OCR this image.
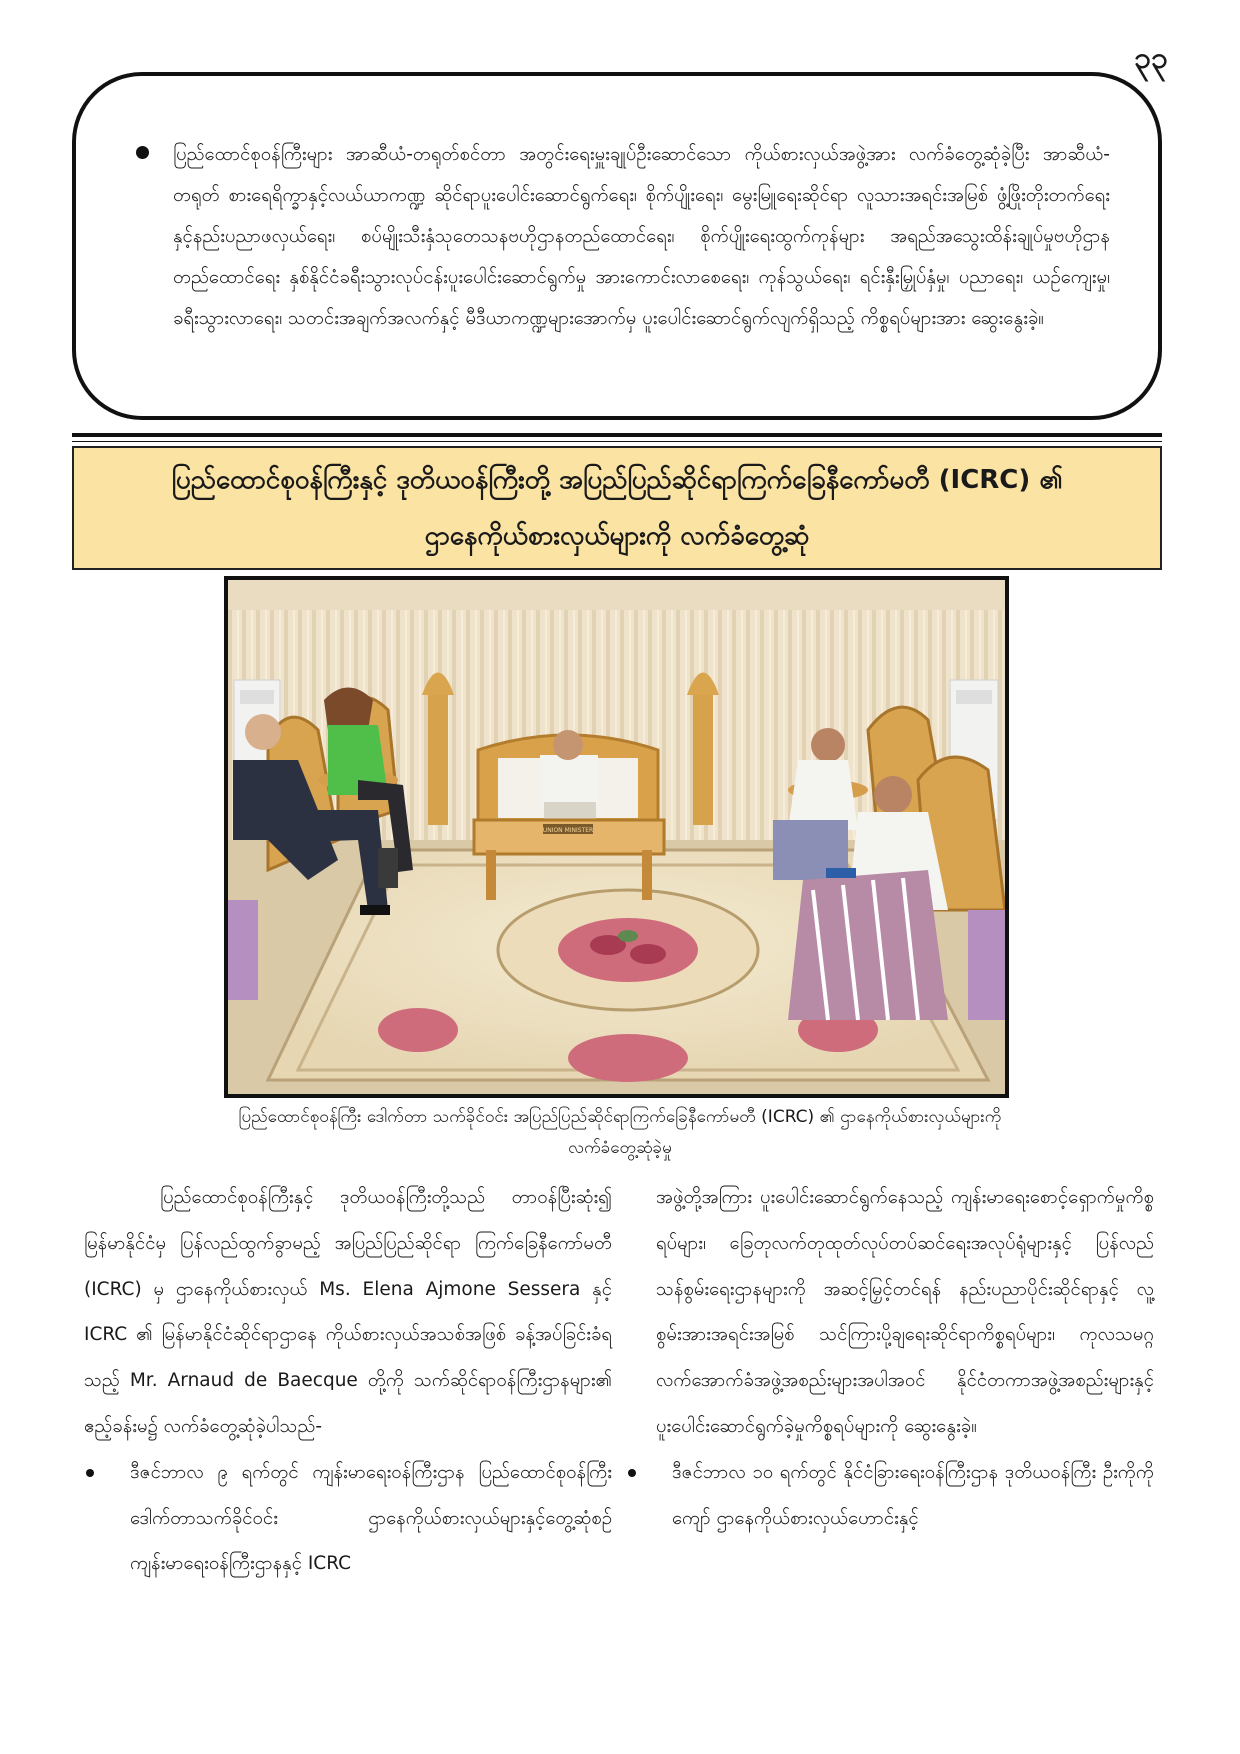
၃၃
ပြည်ထောင်စုဝန်ကြီးများ အာဆီယံ-တရုတ်စင်တာ အတွင်းရေးမှူးချုပ်ဦးဆောင်သော ကိုယ်စားလှယ်အဖွဲ့အား လက်ခံတွေ့ဆုံခဲ့ပြီး အာဆီယံ-တရုတ် စားရေရိက္ခာနှင့်လယ်ယာကဏ္ဍ ဆိုင်ရာပူးပေါင်းဆောင်ရွက်ရေး၊ စိုက်ပျိုးရေး၊ မွေးမြူရေးဆိုင်ရာ လူသားအရင်းအမြစ် ဖွံ့ဖြိုးတိုးတက်ရေးနှင့်နည်းပညာဖလှယ်ရေး၊ စပ်မျိုးသီးနှံသုတေသနဗဟိုဌာနတည်ထောင်ရေး၊ စိုက်ပျိုးရေးထွက်ကုန်များ အရည်အသွေးထိန်းချုပ်မှုဗဟိုဌာနတည်ထောင်ရေး နှစ်နိုင်ငံခရီးသွားလုပ်ငန်းပူးပေါင်းဆောင်ရွက်မှု အားကောင်းလာစေရေး၊ ကုန်သွယ်ရေး၊ ရင်းနှီးမြှုပ်နှံမှု၊ ပညာရေး၊ ယဉ်ကျေးမှု၊ ခရီးသွားလာရေး၊ သတင်းအချက်အလက်နှင့် မီဒီယာကဏ္ဍများအောက်မှ ပူးပေါင်းဆောင်ရွက်လျက်ရှိသည့် ကိစ္စရပ်များအား ဆွေးနွေးခဲ့။
ပြည်ထောင်စုဝန်ကြီးနှင့် ဒုတိယဝန်ကြီးတို့ အပြည်ပြည်ဆိုင်ရာကြက်ခြေနီကော်မတီ (ICRC) ၏
ဌာနေကိုယ်စားလှယ်များကို လက်ခံတွေ့ဆုံ
UNION MINISTER
ပြည်ထောင်စုဝန်ကြီး ဒေါက်တာ သက်ခိုင်ဝင်း အပြည်ပြည်ဆိုင်ရာကြက်ခြေနီကော်မတီ (ICRC) ၏ ဌာနေကိုယ်စားလှယ်များကို
လက်ခံတွေ့ဆုံခဲ့မှု
ပြည်ထောင်စုဝန်ကြီးနှင့် ဒုတိယဝန်ကြီးတို့သည် တာဝန်ပြီးဆုံး၍ မြန်မာနိုင်ငံမှ ပြန်လည်ထွက်ခွာမည့် အပြည်ပြည်ဆိုင်ရာ ကြက်ခြေနီကော်မတီ (ICRC) မှ ဌာနေကိုယ်စားလှယ် Ms. Elena Ajmone Sessera နှင့် ICRC ၏ မြန်မာနိုင်ငံဆိုင်ရာဌာနေ ကိုယ်စားလှယ်အသစ်အဖြစ် ခန့်အပ်ခြင်းခံရသည့် Mr. Arnaud de Baecque တို့ကို သက်ဆိုင်ရာဝန်ကြီးဌာနများ၏ ဧည့်ခန်းမ၌ လက်ခံတွေ့ဆုံခဲ့ပါသည်-
ဒီဇင်ဘာလ ၉ ရက်တွင် ကျန်းမာရေးဝန်ကြီးဌာန ပြည်ထောင်စုဝန်ကြီး ဒေါက်တာသက်ခိုင်ဝင်း ဌာနေကိုယ်စားလှယ်များနှင့်တွေ့ဆုံစဉ် ကျန်းမာရေးဝန်ကြီးဌာနနှင့် ICRC
အဖွဲ့တို့အကြား ပူးပေါင်းဆောင်ရွက်နေသည့် ကျန်းမာရေးစောင့်ရှောက်မှုကိစ္စရပ်များ၊ ခြေတုလက်တုထုတ်လုပ်တပ်ဆင်ရေးအလုပ်ရုံများနှင့် ပြန်လည်သန်စွမ်းရေးဌာနများကို အဆင့်မြှင့်တင်ရန် နည်းပညာပိုင်းဆိုင်ရာနှင့် လူ့စွမ်းအားအရင်းအမြစ် သင်ကြားပို့ချရေးဆိုင်ရာကိစ္စရပ်များ၊ ကုလသမဂ္ဂလက်အောက်ခံအဖွဲ့အစည်းများအပါအဝင် နိုင်ငံတကာအဖွဲ့အစည်းများနှင့် ပူးပေါင်းဆောင်ရွက်ခဲ့မှုကိစ္စရပ်များကို ဆွေးနွေးခဲ့။
ဒီဇင်ဘာလ ၁၀ ရက်တွင် နိုင်ငံခြားရေးဝန်ကြီးဌာန ဒုတိယဝန်ကြီး ဦးကိုကိုကျော် ဌာနေကိုယ်စားလှယ်ဟောင်းနှင့်
